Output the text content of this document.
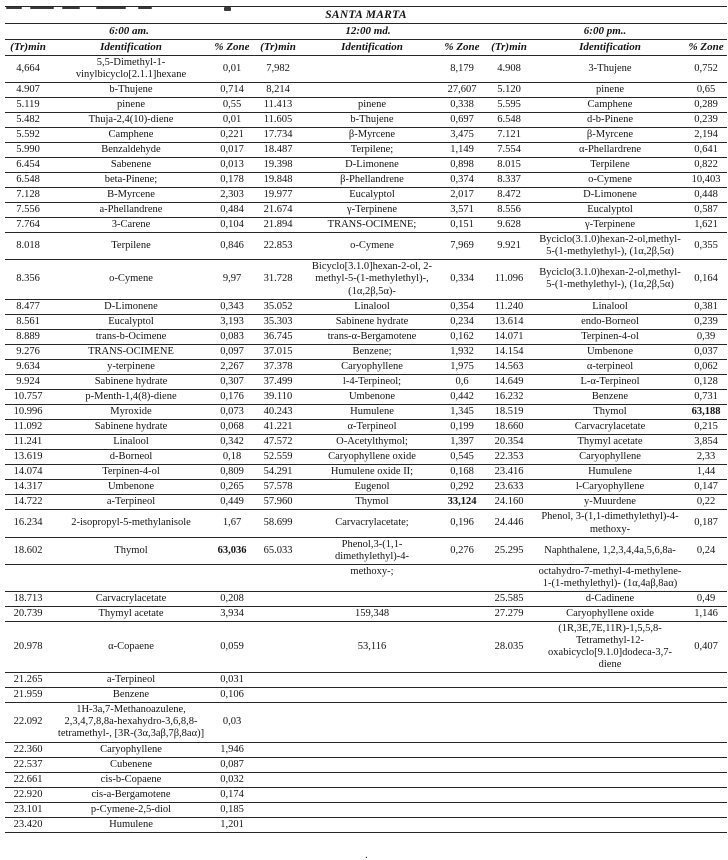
SANTA MARTA								
6:00 am.			12:00 md.			6:00 pm..		
(Tr)min	Identification	% Zone	(Tr)min	Identification	% Zone	(Tr)min	Identification	% Zone
4,664	5,5-Dimethyl-1-vinylbicyclo[2.1.1]hexane	0,01	7,982		8,179	4.908	3-Thujene	0,752
4.907	b-Thujene	0,714	8,214		27,607	5.120	pinene	0,65
5.119	pinene	0,55	11.413	pinene	0,338	5.595	Camphene	0,289
5.482	Thuja-2,4(10)-diene	0,01	11.605	b-Thujene	0,697	6.548	d-b-Pinene	0,239
5.592	Camphene	0,221	17.734	β-Myrcene	3,475	7.121	β-Myrcene	2,194
5.990	Benzaldehyde	0,017	18.487	Terpilene;	1,149	7.554	α-Phellardrene	0,641
6.454	Sabenene	0,013	19.398	D-Limonene	0,898	8.015	Terpilene	0,822
6.548	beta-Pinene;	0,178	19.848	β-Phellandrene	0,374	8.337	o-Cymene	10,403
7.128	B-Myrcene	2,303	19.977	Eucalyptol	2,017	8.472	D-Limonene	0,448
7.556	a-Phellandrene	0,484	21.674	γ-Terpinene	3,571	8.556	Eucalyptol	0,587
7.764	3-Carene	0,104	21.894	TRANS-OCIMENE;	0,151	9.628	γ-Terpinene	1,621
8.018	Terpilene	0,846	22.853	o-Cymene	7,969	9.921	Byciclo(3.1.0)hexan-2-ol,methyl-5-(1-methylethyl-), (1α,2β,5α)	0,355
8.356	o-Cymene	9,97	31.728	Bicyclo[3.1.0]hexan-2-ol, 2-methyl-5-(1-methylethyl)-, (1α,2β,5α)-	0,334	11.096	Byciclo(3.1.0)hexan-2-ol,methyl-5-(1-methylethyl-), (1α,2β,5α)	0,164
8.477	D-Limonene	0,343	35.052	Linalool	0,354	11.240	Linalool	0,381
8.561	Eucalyptol	3,193	35.303	Sabinene hydrate	0,234	13.614	endo-Borneol	0,239
8.889	trans-b-Ocimene	0,083	36.745	trans-α-Bergamotene	0,162	14.071	Terpinen-4-ol	0,39
9.276	TRANS-OCIMENE	0,097	37.015	Benzene;	1,932	14.154	Umbenone	0,037
9.634	y-terpinene	2,267	37.378	Caryophyllene	1,975	14.563	α-terpineol	0,062
9.924	Sabinene hydrate	0,307	37.499	l-4-Terpineol;	0,6	14.649	L-α-Terpineol	0,128
10.757	p-Menth-1,4(8)-diene	0,176	39.110	Umbenone	0,442	16.232	Benzene	0,731
10.996	Myroxide	0,073	40.243	Humulene	1,345	18.519	Thymol	63,188
11.092	Sabinene hydrate	0,068	41.221	α-Terpineol	0,199	18.660	Carvacrylacetate	0,215
11.241	Linalool	0,342	47.572	O-Acetylthymol;	1,397	20.354	Thymyl acetate	3,854
13.619	d-Borneol	0,18	52.559	Caryophyllene oxide	0,545	22.353	Caryophyllene	2,33
14.074	Terpinen-4-ol	0,809	54.291	Humulene oxide II;	0,168	23.416	Humulene	1,44
14.317	Umbenone	0,265	57.578	Eugenol	0,292	23.633	l-Caryophyllene	0,147
14.722	a-Terpineol	0,449	57.960	Thymol	33,124	24.160	y-Muurdene	0,22
16.234	2-isopropyl-5-methylanisole	1,67	58.699	Carvacrylacetate;	0,196	24.446	Phenol, 3-(1,1-dimethylethyl)-4-methoxy-	0,187
18.602	Thymol	63,036	65.033	Phenol,3-(1,1-dimethylethyl)-4-	0,276	25.295	Naphthalene, 1,2,3,4,4a,5,6,8a-	0,24
				methoxy-;			octahydro-7-methyl-4-methylene-1-(1-methylethyl)- (1α,4aβ,8aα)	
18.713	Carvacrylacetate	0,208				25.585	d-Cadinene	0,49
20.739	Thymyl acetate	3,934		159,348		27.279	Caryophyllene oxide	1,146
20.978	α-Copaene	0,059		53,116		28.035	(1R,3E,7E,11R)-1,5,5,8-Tetramethyl-12-oxabicyclo[9.1.0]dodeca-3,7-diene	0,407
21.265	a-Terpineol	0,031						
21.959	Benzene	0,106						
22.092	1H-3a,7-Methanoazulene, 2,3,4,7,8,8a-hexahydro-3,6,8,8-tetramethyl-, [3R-(3α,3aβ,7β,8aα)]	0,03						
22.360	Caryophyllene	1,946						
22.537	Cubenene	0,087						
22.661	cis-b-Copaene	0,032						
22.920	cis-a-Bergamotene	0,174						
23.101	p-Cymene-2,5-diol	0,185						
23.420	Humulene	1,201						
.
